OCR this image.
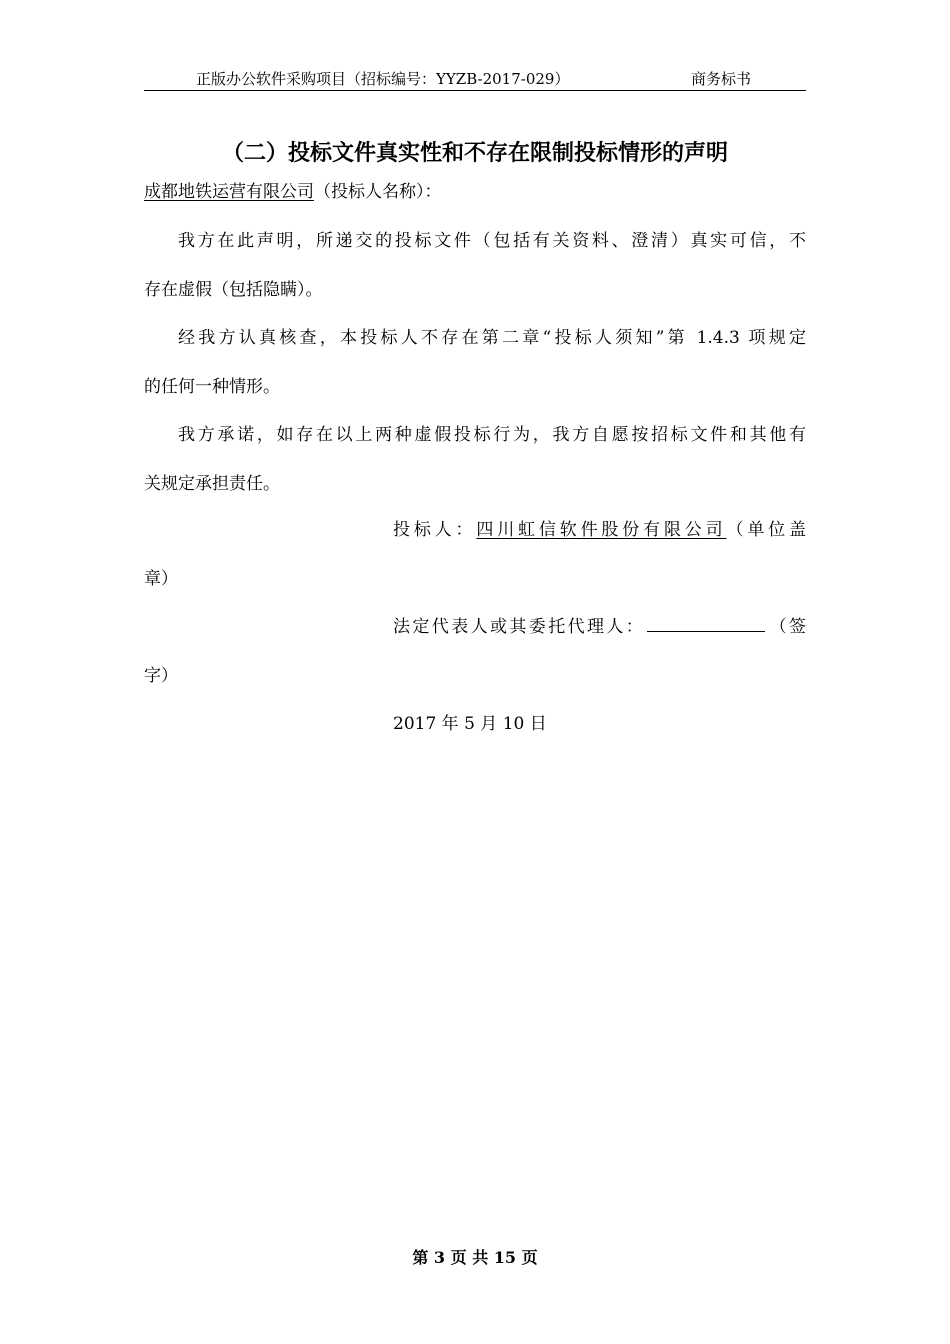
正版办公软件采购项目（招标编号：YYZB-2017-029）	商务标书
（二）投标文件真实性和不存在限制投标情形的声明
成都地铁运营有限公司（投标人名称）：
我方在此声明，所递交的投标文件（包括有关资料、澄清）真实可信，不
存在虚假（包括隐瞒）。
经我方认真核查，本投标人不存在第二章“投标人须知”第 1.4.3 项规定
的任何一种情形。
我方承诺，如存在以上两种虚假投标行为，我方自愿按招标文件和其他有
关规定承担责任。
投标人：四川虹信软件股份有限公司（单位盖
章）
法定代表人或其委托代理人：	（签
字）
2017 年 5 月 10 日
第 3 页 共 15 页
